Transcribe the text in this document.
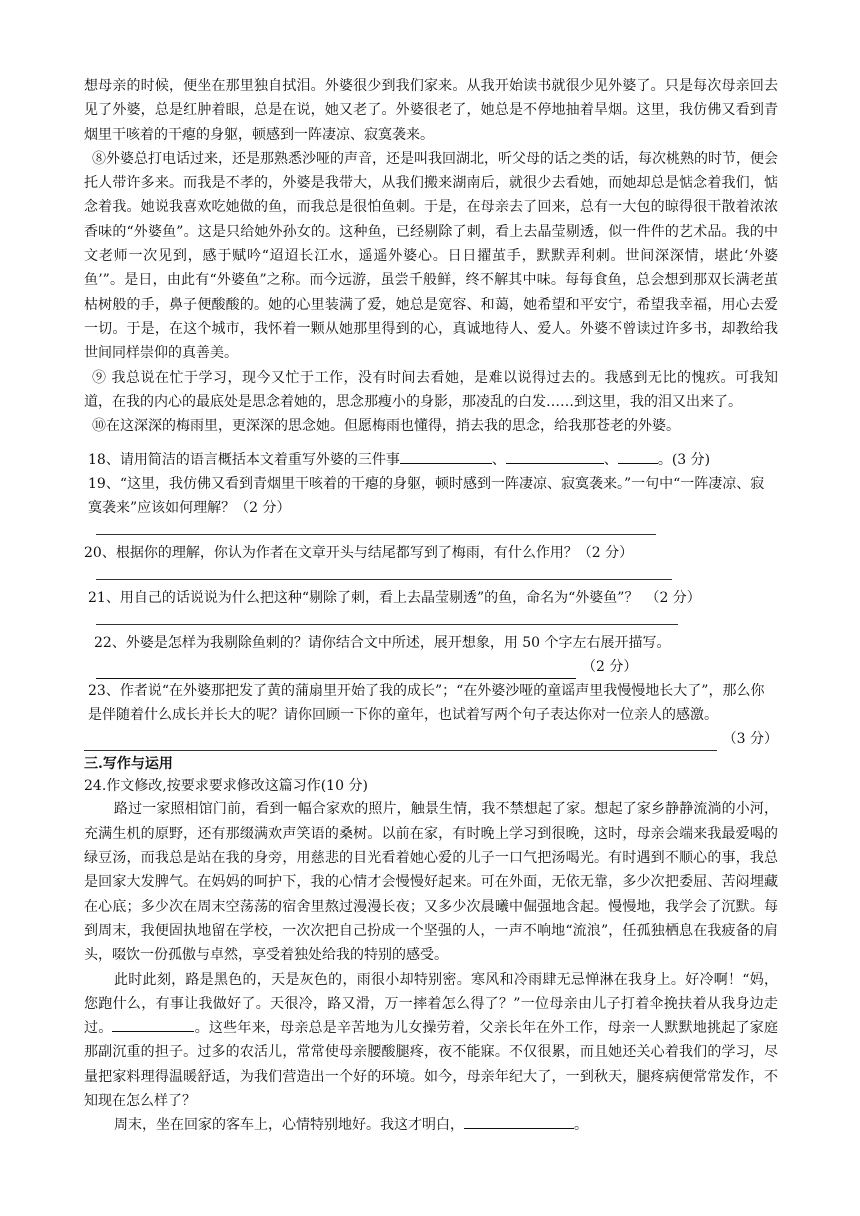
想母亲的时候，便坐在那里独自拭泪。外婆很少到我们家来。从我开始读书就很少见外婆了。只是每次母亲回去见了外婆，总是红肿着眼，总是在说，她又老了。外婆很老了，她总是不停地抽着旱烟。这里，我仿佛又看到青烟里干咳着的干瘪的身躯，顿感到一阵凄凉、寂寞袭来。

⑧外婆总打电话过来，还是那熟悉沙哑的声音，还是叫我回湖北，听父母的话之类的话，每次桃熟的时节，便会托人带许多来。而我是不孝的，外婆是我带大，从我们搬来湖南后，就很少去看她，而她却总是惦念着我们，惦念着我。她说我喜欢吃她做的鱼，而我总是很怕鱼刺。于是，在母亲去了回来，总有一大包的晾得很干散着浓浓香味的“外婆鱼”。这是只给她外孙女的。这种鱼，已经剔除了刺，看上去晶莹剔透，似一件件的艺术品。我的中文老师一次见到，感于赋吟“迢迢长江水，遥遥外婆心。日日擢茧手，默默弄利刺。世间深深情，堪此‘外婆鱼’”。是日，由此有“外婆鱼”之称。而今远游，虽尝千般鲜，终不解其中味。每每食鱼，总会想到那双长满老茧枯树般的手，鼻子便酸酸的。她的心里装满了爱，她总是宽容、和蔼，她希望和平安宁，希望我幸福，用心去爱一切。于是，在这个城市，我怀着一颗从她那里得到的心，真诚地待人、爱人。外婆不曾读过许多书，却教给我世间同样崇仰的真善美。

⑨ 我总说在忙于学习，现今又忙于工作，没有时间去看她，是难以说得过去的。我感到无比的愧疚。可我知道，在我的内心的最底处是思念着她的，思念那瘦小的身影，那凌乱的白发……到这里，我的泪又出来了。

⑩在这深深的梅雨里，更深深的思念她。但愿梅雨也懂得，捎去我的思念，给我那苍老的外婆。

18、请用简洁的语言概括本文着重写外婆的三件事	、	、	。(3 分)

19、“这里，我仿佛又看到青烟里干咳着的干瘪的身躯，顿时感到一阵凄凉、寂寞袭来。”一句中“一阵凄凉、寂寞袭来”应该如何理解？（2 分）

20、根据你的理解，你认为作者在文章开头与结尾都写到了梅雨，有什么作用？（2 分）

21、用自己的话说说为什么把这种“剔除了刺，看上去晶莹剔透”的鱼，命名为“外婆鱼”？　（2 分）

22、外婆是怎样为我剔除鱼刺的？请你结合文中所述，展开想象，用 50 个字左右展开描写。

（2 分）

23、作者说“在外婆那把发了黄的蒲扇里开始了我的成长”；“在外婆沙哑的童谣声里我慢慢地长大了”，那么你是伴随着什么成长并长大的呢？请你回顾一下你的童年，也试着写两个句子表达你对一位亲人的感激。

（3 分）

三.写作与运用

24.作文修改,按要求要求修改这篇习作(10 分)

路过一家照相馆门前，看到一幅合家欢的照片，触景生情，我不禁想起了家。想起了家乡静静流淌的小河，充满生机的原野，还有那缀满欢声笑语的桑树。以前在家，有时晚上学习到很晚，这时，母亲会端来我最爱喝的绿豆汤，而我总是站在我的身旁，用慈悲的目光看着她心爱的儿子一口气把汤喝光。有时遇到不顺心的事，我总是回家大发脾气。在妈妈的呵护下，我的心情才会慢慢好起来。可在外面，无依无靠，多少次把委屈、苦闷埋藏在心底；多少次在周末空荡荡的宿舍里熬过漫漫长夜；又多少次晨曦中倔强地含起。慢慢地，我学会了沉默。每到周末，我便固执地留在学校，一次次把自己扮成一个坚强的人，一声不响地“流浪”，任孤独栖息在我疲备的肩头，啜饮一份孤傲与卓然，享受着独处给我的特别的感受。

此时此刻，路是黑色的，天是灰色的，雨很小却特别密。寒风和冷雨肆无忌惮淋在我身上。好冷啊！“妈，您跑什么，有事让我做好了。天很冷，路又滑，万一摔着怎么得了？”一位母亲由儿子打着伞挽扶着从我身边走过。	。这些年来，母亲总是辛苦地为儿女操劳着，父亲长年在外工作，母亲一人默默地挑起了家庭那副沉重的担子。过多的农活儿，常常使母亲腰酸腿疼，夜不能寐。不仅很累，而且她还关心着我们的学习，尽量把家料理得温暖舒适，为我们营造出一个好的环境。如今，母亲年纪大了，一到秋天，腿疼病便常常发作，不知现在怎么样了？

周末，坐在回家的客车上，心情特别地好。我这才明白，	。
